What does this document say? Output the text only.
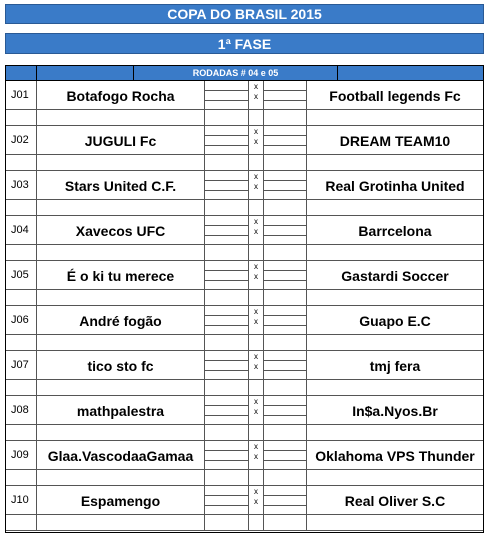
COPA DO BRASIL 2015
1ª FASE
RODADAS # 04 e 05
J01	Botafogo Rocha	Football legends Fc
x
x
J02	JUGULI Fc	DREAM TEAM10
x
x
J03	Stars United C.F.	Real Grotinha United
x
x
J04	Xavecos UFC	Barrcelona
x
x
J05	É o ki tu merece	Gastardi Soccer
x
x
J06	André fogão	Guapo E.C
x
x
J07	tico sto fc	tmj fera
x
x
J08	mathpalestra	In$a.Nyos.Br
x
x
J09	Glaa.VascodaaGamaa	Oklahoma VPS Thunder
x
x
J10	Espamengo	Real Oliver S.C
x
x
